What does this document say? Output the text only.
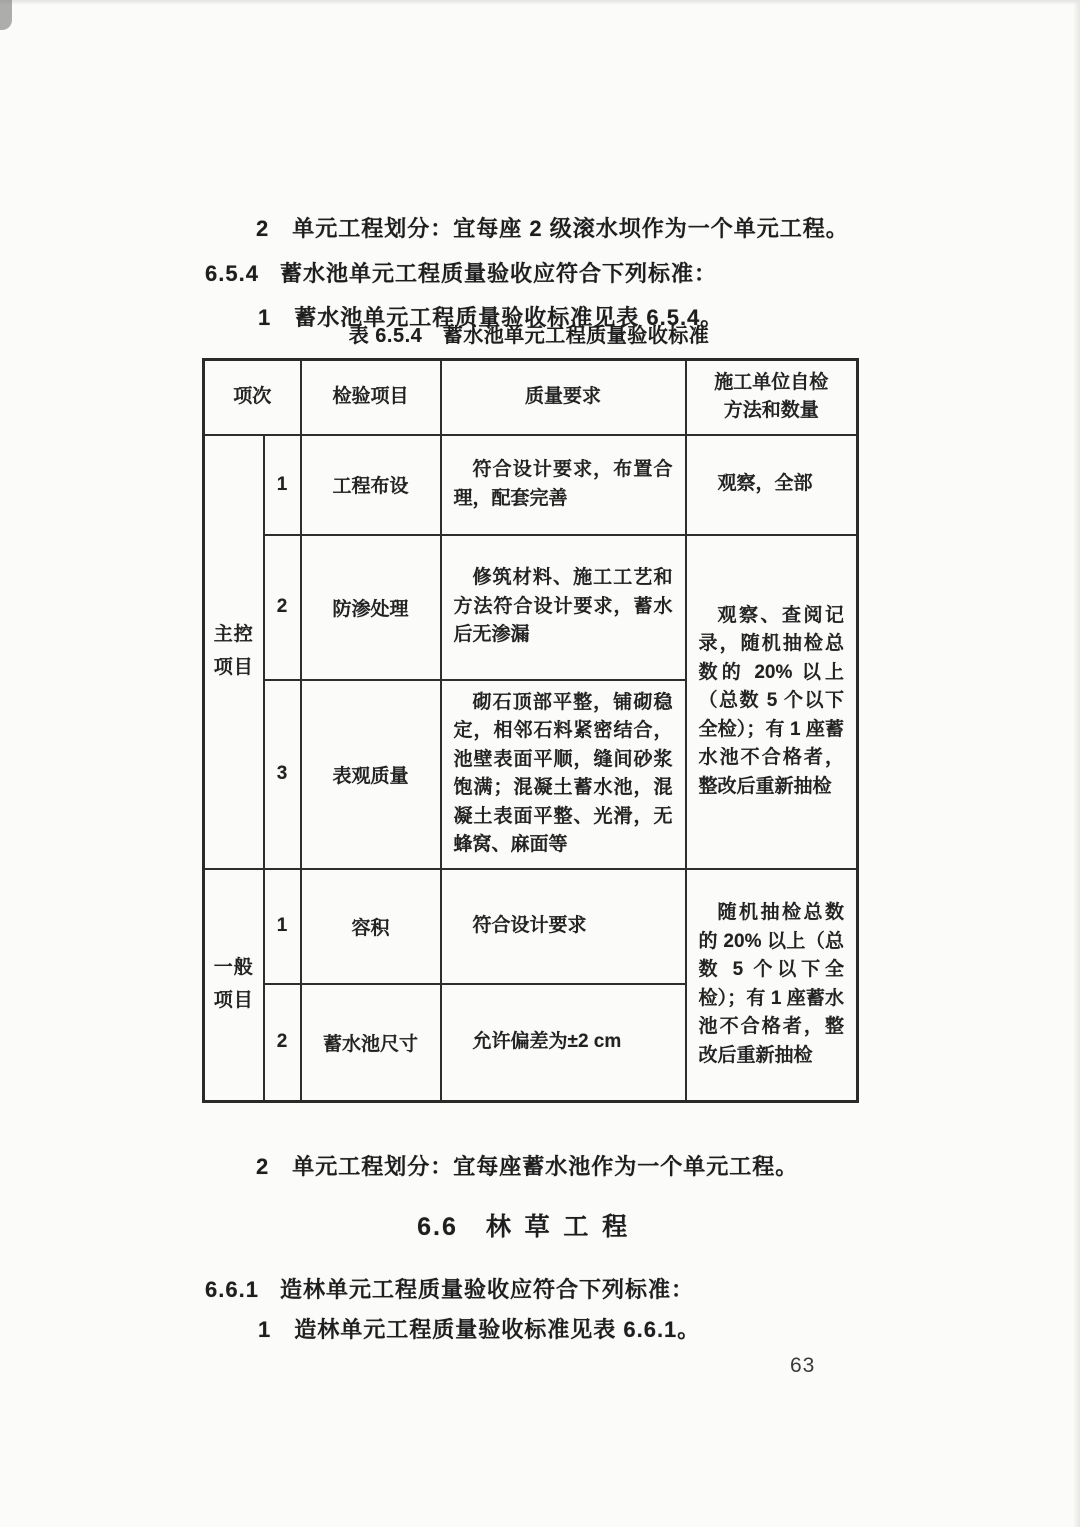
2 单元工程划分：宜每座 2 级滚水坝作为一个单元工程。

6.5.4 蓄水池单元工程质量验收应符合下列标准：

1 蓄水池单元工程质量验收标准见表 6.5.4。

表 6.5.4　蓄水池单元工程质量验收标准
项次		检验项目	质量要求	施工单位自检
方法和数量

主控项目	1	工程布设	符合设计要求，布置合理，配套完善	观察，全部
	2	防渗处理	修筑材料、施工工艺和方法符合设计要求，蓄水后无渗漏	观察、查阅记录，随机抽检总数的 20% 以上（总数 5 个以下全检）；有 1 座蓄水池不合格者，整改后重新抽检
	3	表观质量	砌石顶部平整，铺砌稳定，相邻石料紧密结合，池壁表面平顺，缝间砂浆饱满；混凝土蓄水池，混凝土表面平整、光滑，无蜂窝、麻面等	
一般项目	1	容积	符合设计要求	随机抽检总数的 20% 以上（总数 5 个以下全检）；有 1 座蓄水池不合格者，整改后重新抽检
	2	蓄水池尺寸	允许偏差为±2 cm	

2 单元工程划分：宜每座蓄水池作为一个单元工程。

6.6 林草工程

6.6.1 造林单元工程质量验收应符合下列标准：

1 造林单元工程质量验收标准见表 6.6.1。

63
